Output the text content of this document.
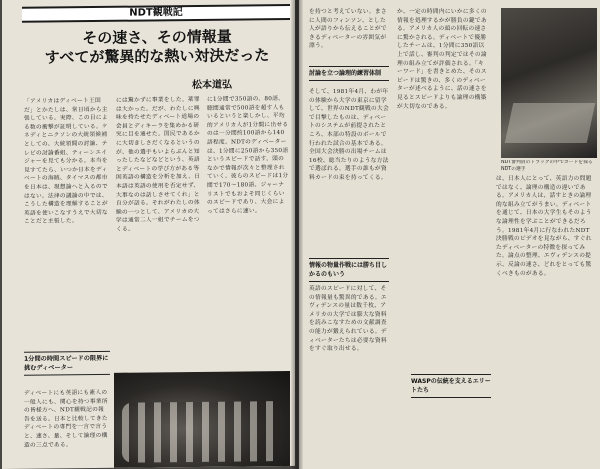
NDT観戦記
その速さ、その情報量
すべてが驚異的な熱い対決だった
松本道弘
「アメリカはディベート王国だ」とかたしは、常日頃から主張している。実際、この目による数の衝撃が証明している。ケネディとニクソンの大統領候補としての、大統領間の討論、テレビの討論番組、ティーンエイジャーを見ても分かる。本当を見すてたら、いつか日本をディベートの海賊、タイマスの都市を日本は、現想論へと入るのではない。法律の議論の中では、こうした構造を理解することが英語を使いこなすうえで大切なことだと主張した。
には驚かずに事業をした。薬罪は大かった。だが、わたしに興味を持たせたディベート道場の会員とディキーラを集めかる研究に目を通せた。国民であるかに大切きしさだくなるというのが、他の選手もいよらぶんと知ったしたなどなどという、英語とディベートの学び方がある等国英語の構造を分析を加え、日本語は英語の使用を否定せず、大事なのは話しさせてくれ」と自分が話る。それがわたしの体験の一つとして、アメリカの大学は通常二人一組でチームをつくる。
に1分間で350語の、80語、聴間通常で500語を超す人もいるというと楽しかし、平均的アメリカ人が1分間に出せるのは一分間約100語から140語程度。NDTのディベーターは、1分間に250語から350語というスピードで話す。頭のなかで情報が次々と整理されていく。彼らのスピードは1分間で170〜180語、ジャーナリストでもおよそ同じくらいのスピードであり、大会によってはさらに速い。
1分間の時間スピードの限界に挑むディベーター
ディベートにも英語にも素人の一般人にも、関心を持つ事業所の皆様方へ、NDT観戦記の報告を送る。日本と比較してきたディベートの専門を一言で言うと、速さ、量、そして論理の構造の三点である。
を持つと考えていない。まさに人間のフィンソン、とした人が語りから伝えることができるディベーターの雰囲気が漂う。
討論を立つ論理的練習体制
そして、1981年4月、わが年の体験から大学の東京に留学して、世界のNDT観戦の大会で目撃したものは、ディベートのシステムが前提されたところ、本部の特設のボールで行われた試合の基本である。全国大会決勝の出場チームは16校、総当たりのような方法で選ばれる。選手の誰もが資料カードの束を持ってくる。
情報の物量作戦には勝ち目しかるのもいう
英語のスピードに対して、その情報量も驚異的である。エヴィデンスの量は数千枚、アメリカの大学では膨大な資料を読みこなすための文献調査の能力が鍛えられている。ディベーターたちは必要な資料をすぐ取り出せる。
か、一定の時間内にいかに多くの情報を処理するかが勝負の鍵である。アメリカ人の頭の回転の速さに驚かされる。ディベートで優勝したチームは、1分間に350語以上で話し、審判の判定ではその論理の組み立てが評価される。「キーワード」を書きとめた、そのスピードは驚きの、多くのディベーターが述べるように、話の速さを見るとスピードよりも論理の構築が大切なのである。
WASPの伝統を支えるエリートたち
NDT審判員のトラックの中でカードを探るNDTの選手
は、日本人にとって、英語力の問題ではなく、論理の構造の違いである。アメリカ人は、話すときの論理的な組み立てがうまい。ディベートを通じて、日本の大学生もそのような論理性を学ぶことができるだろう。1981年4月に行なわれたNDT決勝戦のビデオを見ながら、すぐれたディベーターの特徴を探ってみた。論点の整理、エヴィデンスの提示、反論の速さ、どれをとっても驚くべきものがある。
